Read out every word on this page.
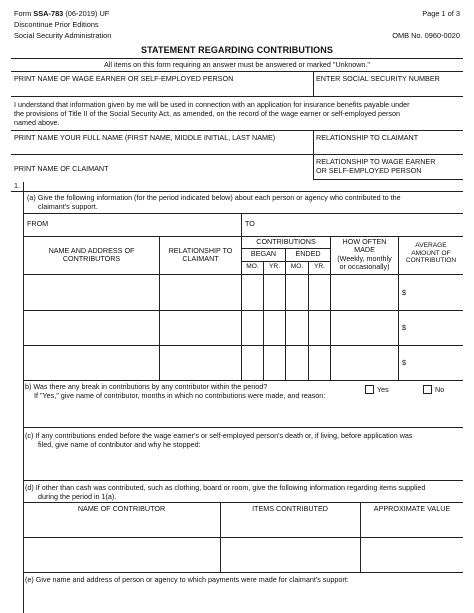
Form SSA-783 (06-2019) UF
Discontinue Prior Editions
Social Security Administration
Page 1 of 3
OMB No. 0960-0020
STATEMENT REGARDING CONTRIBUTIONS
All items on this form requiring an answer must be answered or marked "Unknown."
PRINT NAME OF WAGE EARNER OR SELF-EMPLOYED PERSON	ENTER SOCIAL SECURITY NUMBER
I understand that information given by me will be used in connection with an application for insurance benefits payable under
the provisions of Title II of the Social Security Act, as amended, on the record of the wage earner or self-employed person
named above.
PRINT NAME YOUR FULL NAME (FIRST NAME, MIDDLE INITIAL, LAST NAME)	RELATIONSHIP TO CLAIMANT
PRINT NAME OF CLAIMANT
RELATIONSHIP TO WAGE EARNER
OR SELF-EMPLOYED PERSON
1.
(a) Give the following information (for the period indicated below) about each person or agency who contributed to the
claimant's support.
FROM	TO
NAME AND ADDRESS OF
CONTRIBUTORS
RELATIONSHIP TO
CLAIMANT
CONTRIBUTIONS
BEGAN	ENDED
MO.	YR.	MO.	YR.
HOW OFTEN
MADE
(Weekly, monthly
or occasionally)
AVERAGE
AMOUNT OF
CONTRIBUTION
$
$
$
b) Was there any break in contributions by any contributor within the period?
If "Yes," give name of contributor, months in which no contributions were made, and reason:
Yes	No
(c) If any contributions ended before the wage earner's or self-employed person's death or, if living, before application was
filed, give name of contributor and why he stopped:
(d) If other than cash was contributed, such as clothing, board or room, give the following information regarding items supplied
during the period in 1(a).
NAME OF CONTRIBUTOR	ITEMS CONTRIBUTED	APPROXIMATE VALUE
(e) Give name and address of person or agency to which payments were made for claimant's support:
